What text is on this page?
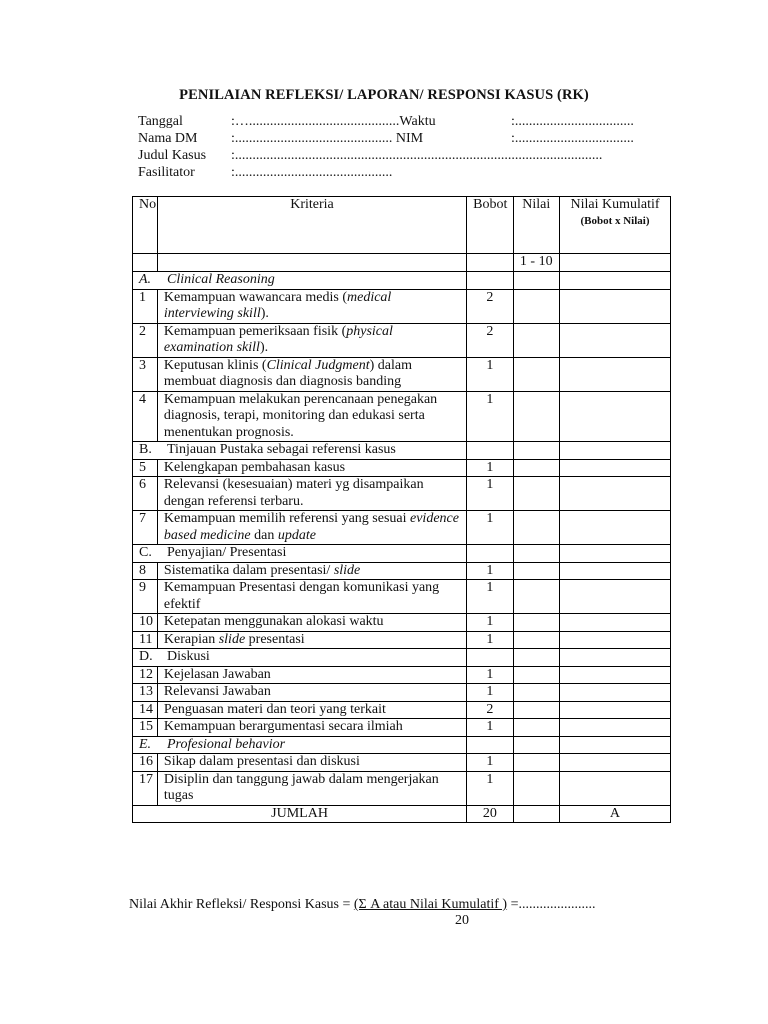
PENILAIAN REFLEKSI/ LAPORAN/ RESPONSI KASUS (RK)
Tanggal	:…...........................................Waktu	:..................................
Nama DM :............................................. NIM	:..................................
Judul Kasus :.........................................................................................................
Fasilitator	:.............................................
No	Kriteria	Bobot	Nilai	Nilai Kumulatif
(Bobot x Nilai)

			1 - 10	
A. Clinical Reasoning				
1	Kemampuan wawancara medis (medical interviewing skill).	2		
2	Kemampuan pemeriksaan fisik (physical examination skill).	2		
3	Keputusan klinis (Clinical Judgment) dalam membuat diagnosis dan diagnosis banding	1		
4	Kemampuan melakukan perencanaan penegakan diagnosis, terapi, monitoring dan edukasi serta menentukan prognosis.	1		
B. Tinjauan Pustaka sebagai referensi kasus				
5	Kelengkapan pembahasan kasus	1		
6	Relevansi (kesesuaian) materi yg disampaikan dengan referensi terbaru.	1		
7	Kemampuan memilih referensi yang sesuai evidence based medicine dan update	1		
C. Penyajian/ Presentasi				
8	Sistematika dalam presentasi/ slide	1		
9	Kemampuan Presentasi dengan komunikasi yang efektif	1		
10	Ketepatan menggunakan alokasi waktu	1		
11	Kerapian slide presentasi	1		
D. Diskusi				
12	Kejelasan Jawaban	1		
13	Relevansi Jawaban	1		
14	Penguasan materi dan teori yang terkait	2		
15	Kemampuan berargumentasi secara ilmiah	1		
E. Profesional behavior				
16	Sikap dalam presentasi dan diskusi	1		
17	Disiplin dan tanggung jawab dalam mengerjakan tugas	1		
JUMLAH		20		A
Nilai Akhir Refleksi/ Responsi Kasus = (Σ A atau Nilai Kumulatif ) =......................
20
